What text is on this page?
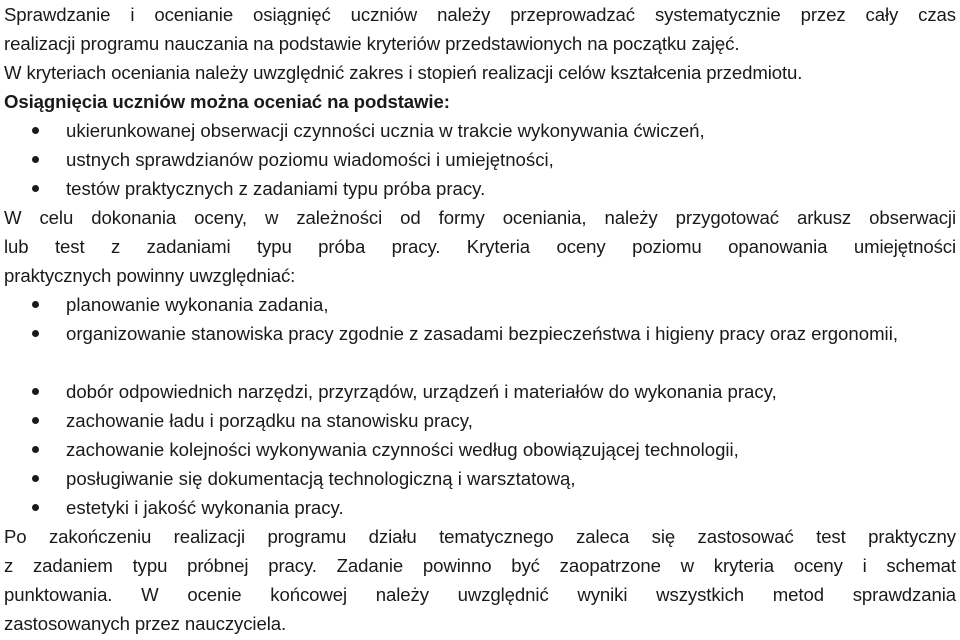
Sprawdzanie i ocenianie osiągnięć uczniów należy przeprowadzać systematycznie przez cały czas
realizacji programu nauczania na podstawie kryteriów przedstawionych na początku zajęć.
W kryteriach oceniania należy uwzględnić zakres i stopień realizacji celów kształcenia przedmiotu.
Osiągnięcia uczniów można oceniać na podstawie:
ukierunkowanej obserwacji czynności ucznia w trakcie wykonywania ćwiczeń,
ustnych sprawdzianów poziomu wiadomości i umiejętności,
testów praktycznych z zadaniami typu próba pracy.
W celu dokonania oceny, w zależności od formy oceniania, należy przygotować arkusz obserwacji
lub test z zadaniami typu próba pracy. Kryteria oceny poziomu opanowania umiejętności
praktycznych powinny uwzględniać:
planowanie wykonania zadania,
organizowanie stanowiska pracy zgodnie z zasadami bezpieczeństwa i higieny pracy oraz ergonomii,
dobór odpowiednich narzędzi, przyrządów, urządzeń i materiałów do wykonania pracy,
zachowanie ładu i porządku na stanowisku pracy,
zachowanie kolejności wykonywania czynności według obowiązującej technologii,
posługiwanie się dokumentacją technologiczną i warsztatową,
estetyki i jakość wykonania pracy.
Po zakończeniu realizacji programu działu tematycznego zaleca się zastosować test praktyczny
z zadaniem typu próbnej pracy. Zadanie powinno być zaopatrzone w kryteria oceny i schemat
punktowania. W ocenie końcowej należy uwzględnić wyniki wszystkich metod sprawdzania
zastosowanych przez nauczyciela.
